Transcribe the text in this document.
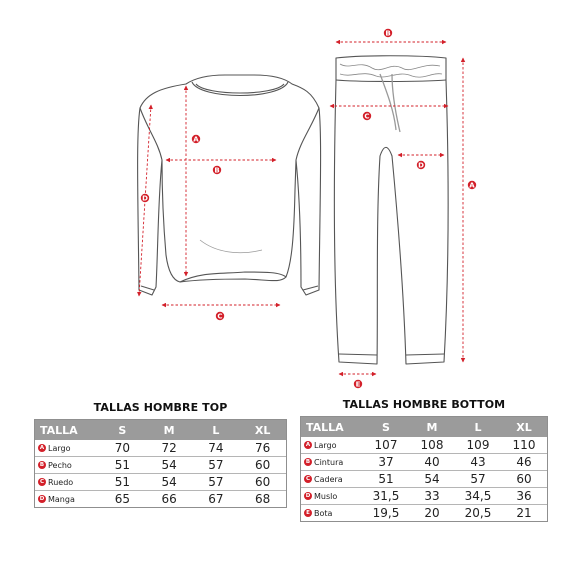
A
B
C
D
A
B
C
D
E
TALLAS HOMBRE TOP
TALLA	S	M	L	XL
A Largo	70	72	74	76
B Pecho	51	54	57	60
C Ruedo	51	54	57	60
D Manga	65	66	67	68
TALLAS HOMBRE BOTTOM
TALLA	S	M	L	XL
A Largo	107	108	109	110
B Cintura	37	40	43	46
C Cadera	51	54	57	60
D Muslo	31,5	33	34,5	36
E Bota	19,5	20	20,5	21
